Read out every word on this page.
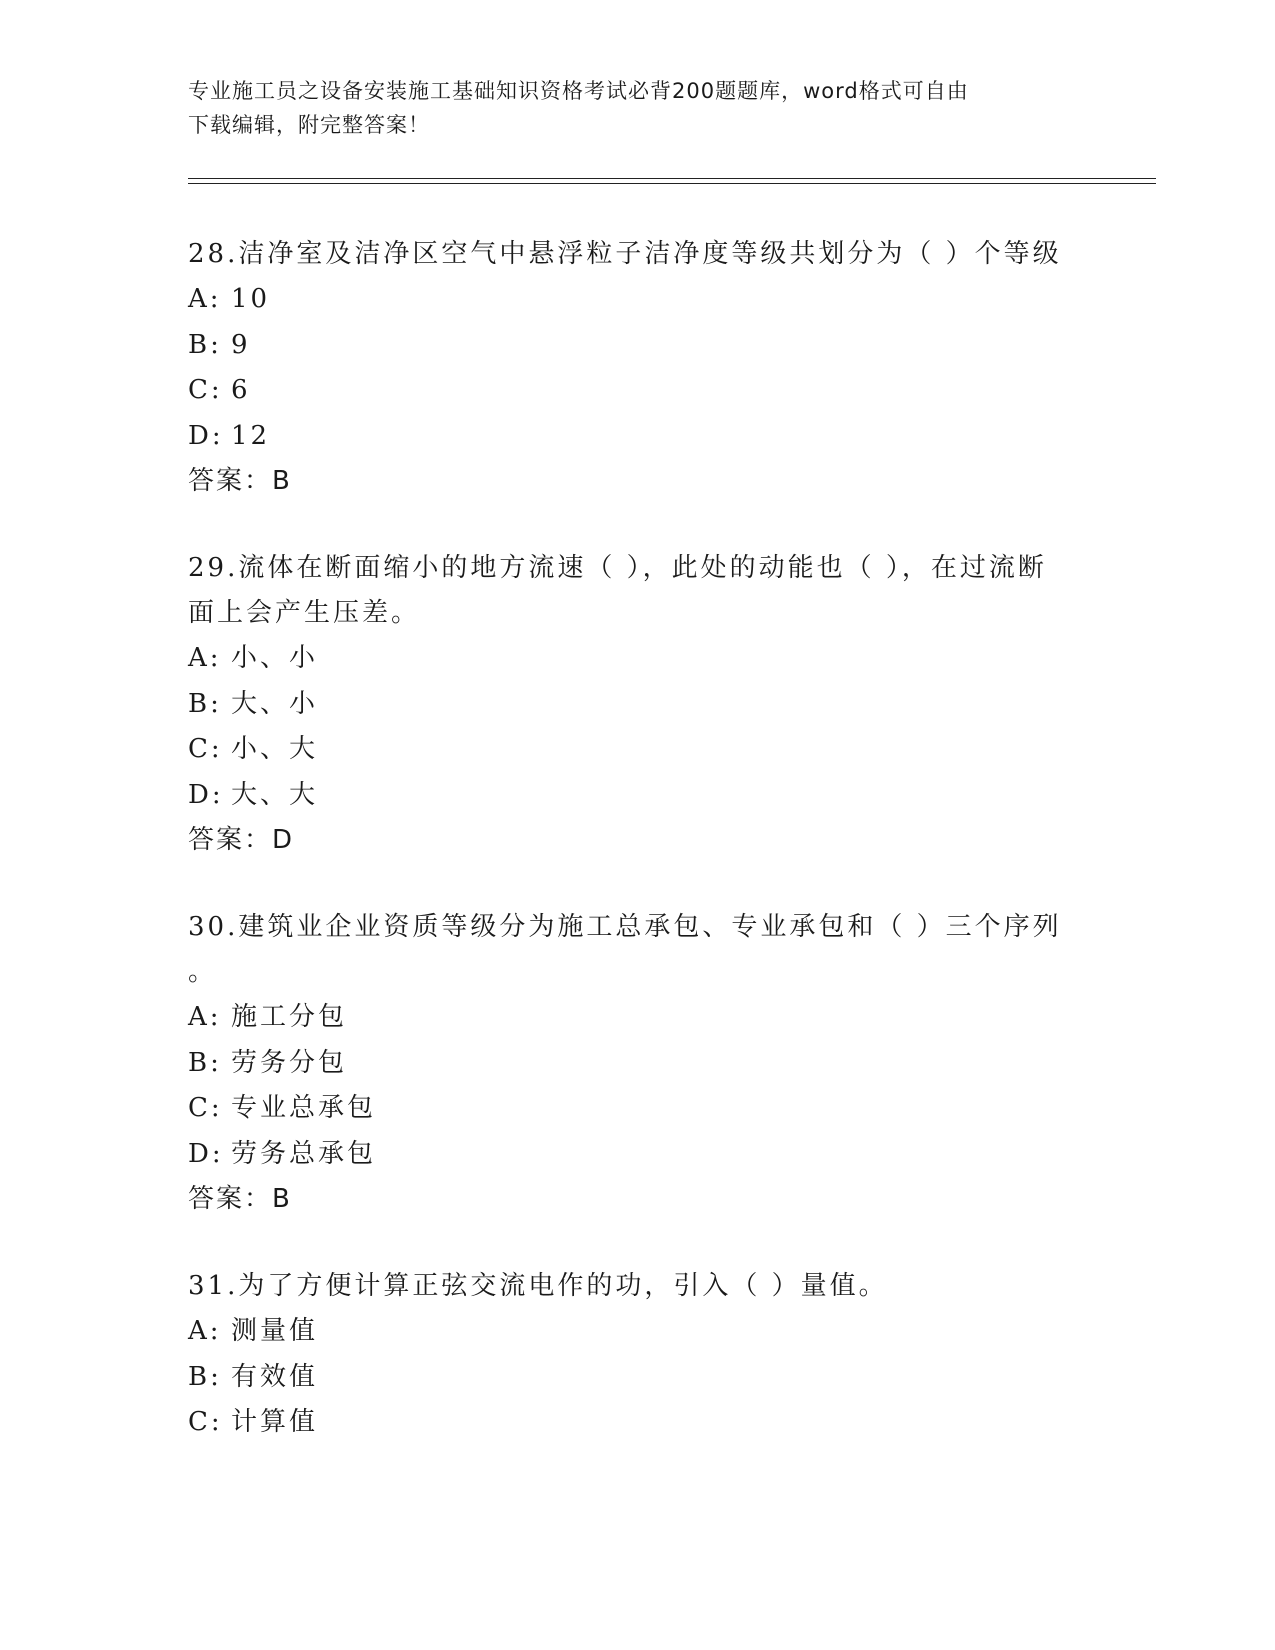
专业施工员之设备安装施工基础知识资格考试必背200题题库，word格式可自由
下载编辑，附完整答案！
28.洁净室及洁净区空气中悬浮粒子洁净度等级共划分为（ ）个等级
A: 10
B: 9
C: 6
D: 12
答案：B
29.流体在断面缩小的地方流速（ ），此处的动能也（ ），在过流断
面上会产生压差。
A: 小、小
B: 大、小
C: 小、大
D: 大、大
答案：D
30.建筑业企业资质等级分为施工总承包、专业承包和（ ）三个序列
。
A: 施工分包
B: 劳务分包
C: 专业总承包
D: 劳务总承包
答案：B
31.为了方便计算正弦交流电作的功，引入（ ）量值。
A: 测量值
B: 有效值
C: 计算值
